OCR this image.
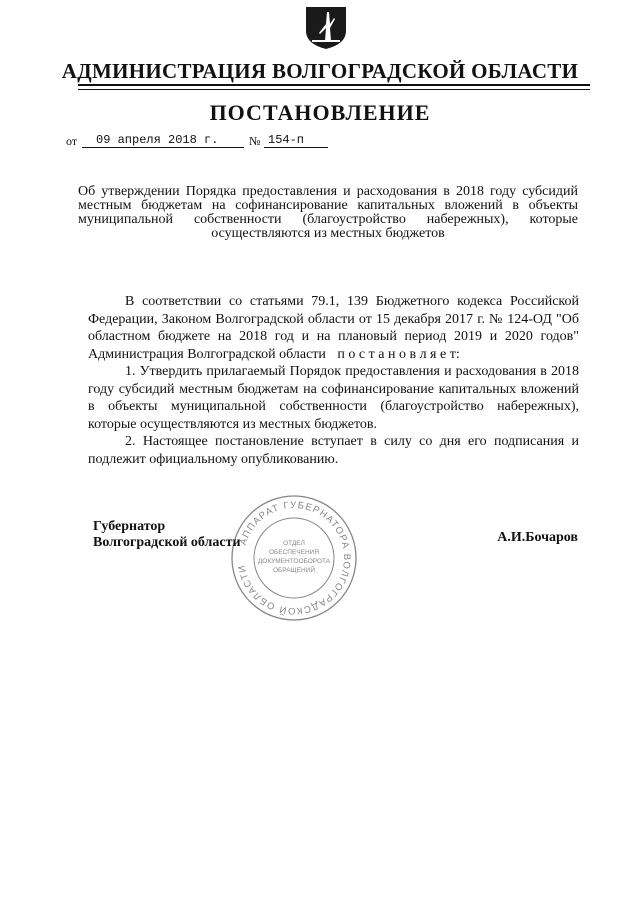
АДМИНИСТРАЦИЯ ВОЛГОГРАДСКОЙ ОБЛАСТИ
ПОСТАНОВЛЕНИЕ
от 09 апреля 2018 г.	№ 154-п
Об утверждении Порядка предоставления и расходования в 2018 году субсидий местным бюджетам на софинансирование капитальных вложений в объекты муниципальной собственности (благоустройство набережных), которые осуществляются из местных бюджетов

В соответствии со статьями 79.1, 139 Бюджетного кодекса Российской Федерации, Законом Волгоградской области от 15 декабря 2017 г. № 124-ОД "Об областном бюджете на 2018 год и на плановый период 2019 и 2020 годов" Администрация Волгоградской области п о с т а н о в л я е т:

1. Утвердить прилагаемый Порядок предоставления и расходования в 2018 году субсидий местным бюджетам на софинансирование капитальных вложений в объекты муниципальной собственности (благоустройство набережных), которые осуществляются из местных бюджетов.

2. Настоящее постановление вступает в силу со дня его подписания и подлежит официальному опубликованию.

Губернатор
Волгоградской области	А.И.Бочаров
АППАРАТ ГУБЕРНАТОРА ВОЛГОГРАДСКОЙ ОБЛАСТИ
ОТДЕЛ
ОБЕСПЕЧЕНИЯ
ДОКУМЕНТООБОРОТА
ОБРАЩЕНИЙ
